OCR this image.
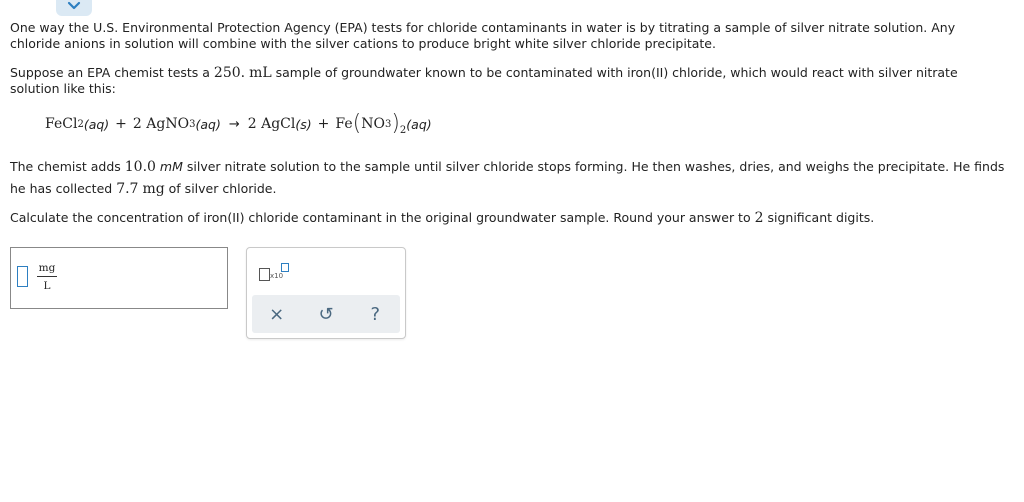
One way the U.S. Environmental Protection Agency (EPA) tests for chloride contaminants in water is by titrating a sample of silver nitrate solution. Any chloride anions in solution will combine with the silver cations to produce bright white silver chloride precipitate.
Suppose an EPA chemist tests a 250. mL sample of groundwater known to be contaminated with iron(II) chloride, which would react with silver nitrate solution like this:
FeCl 2 (aq) + 2
AgNO 3 (aq) → 2
AgCl (s) + Fe ( NO 3 )$_2$ (aq)
The chemist adds 10.0 mM silver nitrate solution to the sample until silver chloride stops forming. He then washes, dries, and weighs the precipitate. He finds he has collected 7.7 mg of silver chloride.
Calculate the concentration of iron(II) chloride contaminant in the original groundwater sample. Round your answer to 2 significant digits.
mg
L
x10
× ↺ ?
